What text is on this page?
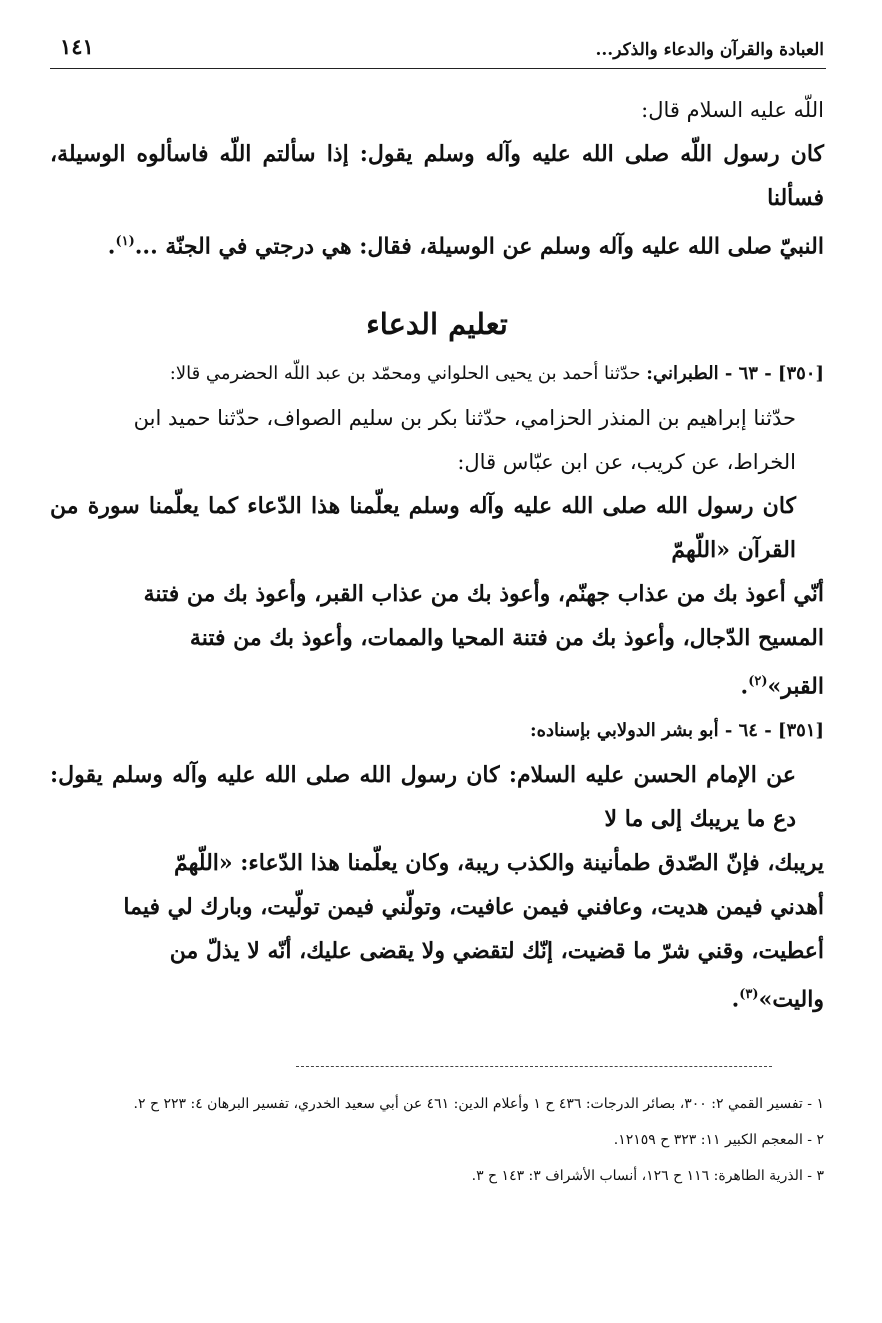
١٤١	العبادة والقرآن والدعاء والذكر...
اللّه عليه السلام قال:
كان رسول اللّه صلى الله عليه وآله وسلم يقول: إذا سألتم اللّه فاسألوه الوسيلة، فسألنا
النبيّ صلى الله عليه وآله وسلم عن الوسيلة، فقال: هي درجتي في الجنّة ...$^{(١)}$.
تعليم الدعاء
[٣٥٠] - ٦٣ - الطبراني: حدّثنا أحمد بن يحيى الحلواني ومحمّد بن عبد اللّه الحضرمي قالا:
حدّثنا إبراهيم بن المنذر الحزامي، حدّثنا بكر بن سليم الصواف، حدّثنا حميد ابن
الخراط، عن كريب، عن ابن عبّاس قال:
كان رسول الله صلى الله عليه وآله وسلم يعلّمنا هذا الدّعاء كما يعلّمنا سورة من القرآن «اللّهمّ
أنّي أعوذ بك من عذاب جهنّم، وأعوذ بك من عذاب القبر، وأعوذ بك من فتنة
المسيح الدّجال، وأعوذ بك من فتنة المحيا والممات، وأعوذ بك من فتنة
القبر»$^{(٢)}$.
[٣٥١] - ٦٤ - أبو بشر الدولابي بإسناده:
عن الإمام الحسن عليه السلام: كان رسول الله صلى الله عليه وآله وسلم يقول: دع ما يريبك إلى ما لا
يريبك، فإنّ الصّدق طمأنينة والكذب ريبة، وكان يعلّمنا هذا الدّعاء: «اللّهمّ
أهدني فيمن هديت، وعافني فيمن عافيت، وتولّني فيمن تولّيت، وبارك لي فيما
أعطيت، وقني شرّ ما قضيت، إنّك لتقضي ولا يقضى عليك، أنّه لا يذلّ من
واليت»$^{(٣)}$.
١ - تفسير القمي ٢: ٣٠٠، بصائر الدرجات: ٤٣٦ ح ١ وأعلام الدين: ٤٦١ عن أبي سعيد الخدري، تفسير البرهان ٤: ٢٢٣ ح ٢.
٢ - المعجم الكبير ١١: ٣٢٣ ح ١٢١٥٩.
٣ - الذرية الطاهرة: ١١٦ ح ١٢٦، أنساب الأشراف ٣: ١٤٣ ح ٣.
